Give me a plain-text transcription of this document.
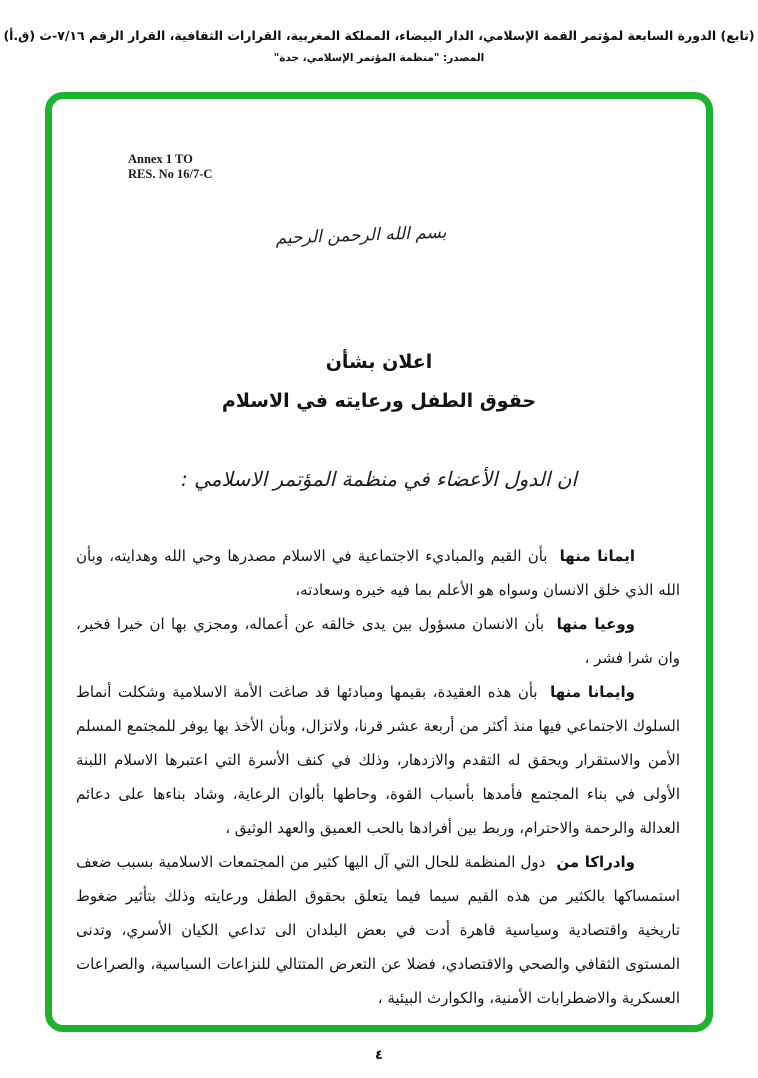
(تابع) الدورة السابعة لمؤتمر القمة الإسلامي، الدار البيضاء، المملكة المغربية، القرارات الثقافية، القرار الرقم ٧/١٦-ث (ق.أ)
المصدر: "منظمة المؤتمر الإسلامي، جدة"
Annex 1 TO
RES. No 16/7-C
بسم الله الرحمن الرحيم
اعلان بشأن
حقوق الطفل ورعايته في الاسلام
ان الدول الأعضاء في منظمة المؤتمر الاسلامي :

ايمانا منها بأن القيم والمباديء الاجتماعية في الاسلام مصدرها وحي الله وهدايته، وبأن الله الذي خلق الانسان وسواه هو الأعلم بما فيه خيره وسعادته،

ووعيا منها بأن الانسان مسؤول بين يدى خالقه عن أعماله، ومجزي بها ان خيرا فخير، وان شرا فشر ،

وايمانا منها بأن هذه العقيدة، بقيمها ومبادئها قد صاغت الأمة الاسلامية وشكلت أنماط السلوك الاجتماعي فيها منذ أكثر من أربعة عشر قرنا، ولاتزال، وبأن الأخذ بها يوفر للمجتمع المسلم الأمن والاستقرار ويحقق له التقدم والازدهار، وذلك في كنف الأسرة التي اعتبرها الاسلام اللبنة الأولى في بناء المجتمع فأمدها بأسباب القوة، وحاطها بألوان الرعاية، وشاد بناءها على دعائم العدالة والرحمة والاحترام، وربط بين أفرادها بالحب العميق والعهد الوثيق ،

وادراكا من دول المنظمة للحال التي آل اليها كثير من المجتمعات الاسلامية بسبب ضعف استمساكها بالكثير من هذه القيم سيما فيما يتعلق بحقوق الطفل ورعايته وذلك بتأثير ضغوط تاريخية واقتصادية وسياسية قاهرة أدت في بعض البلدان الى تداعي الكيان الأسري، وتدنى المستوى الثقافي والصحي والاقتصادي، فضلا عن التعرض المتتالي للنزاعات السياسية، والصراعات العسكرية والاضطرابات الأمنية، والكوارث البيئية ،

٤
